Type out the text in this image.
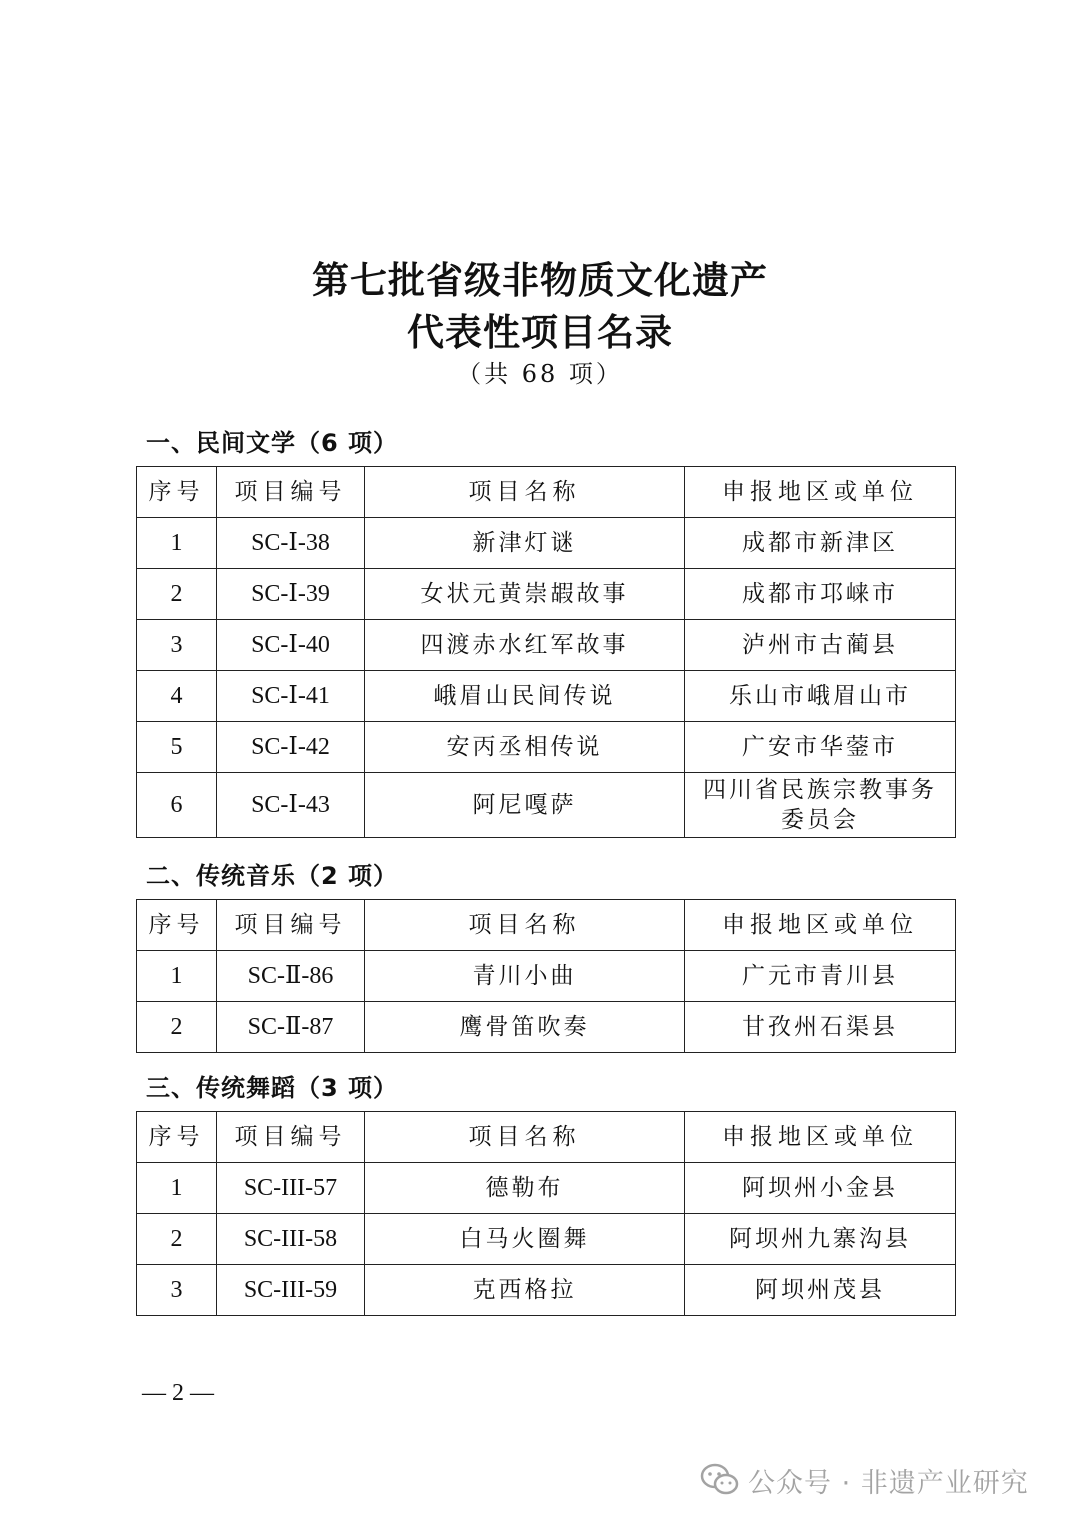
第七批省级非物质文化遗产
代表性项目名录
（共 68 项）
一、民间文学（6 项）
序号	项目编号	项目名称	申报地区或单位
1	SC-Ⅰ-38	新津灯谜	成都市新津区
2	SC-Ⅰ-39	女状元黄崇嘏故事	成都市邛崃市
3	SC-Ⅰ-40	四渡赤水红军故事	泸州市古蔺县
4	SC-Ⅰ-41	峨眉山民间传说	乐山市峨眉山市
5	SC-Ⅰ-42	安丙丞相传说	广安市华蓥市
6	SC-Ⅰ-43	阿尼嘎萨	四川省民族宗教事务委员会
二、传统音乐（2 项）
序号	项目编号	项目名称	申报地区或单位
1	SC-Ⅱ-86	青川小曲	广元市青川县
2	SC-Ⅱ-87	鹰骨笛吹奏	甘孜州石渠县
三、传统舞蹈（3 项）
序号	项目编号	项目名称	申报地区或单位
1	SC-III-57	德勒布	阿坝州小金县
2	SC-III-58	白马火圈舞	阿坝州九寨沟县
3	SC-III-59	克西格拉	阿坝州茂县
— 2 —
公众号 · 非遗产业研究
